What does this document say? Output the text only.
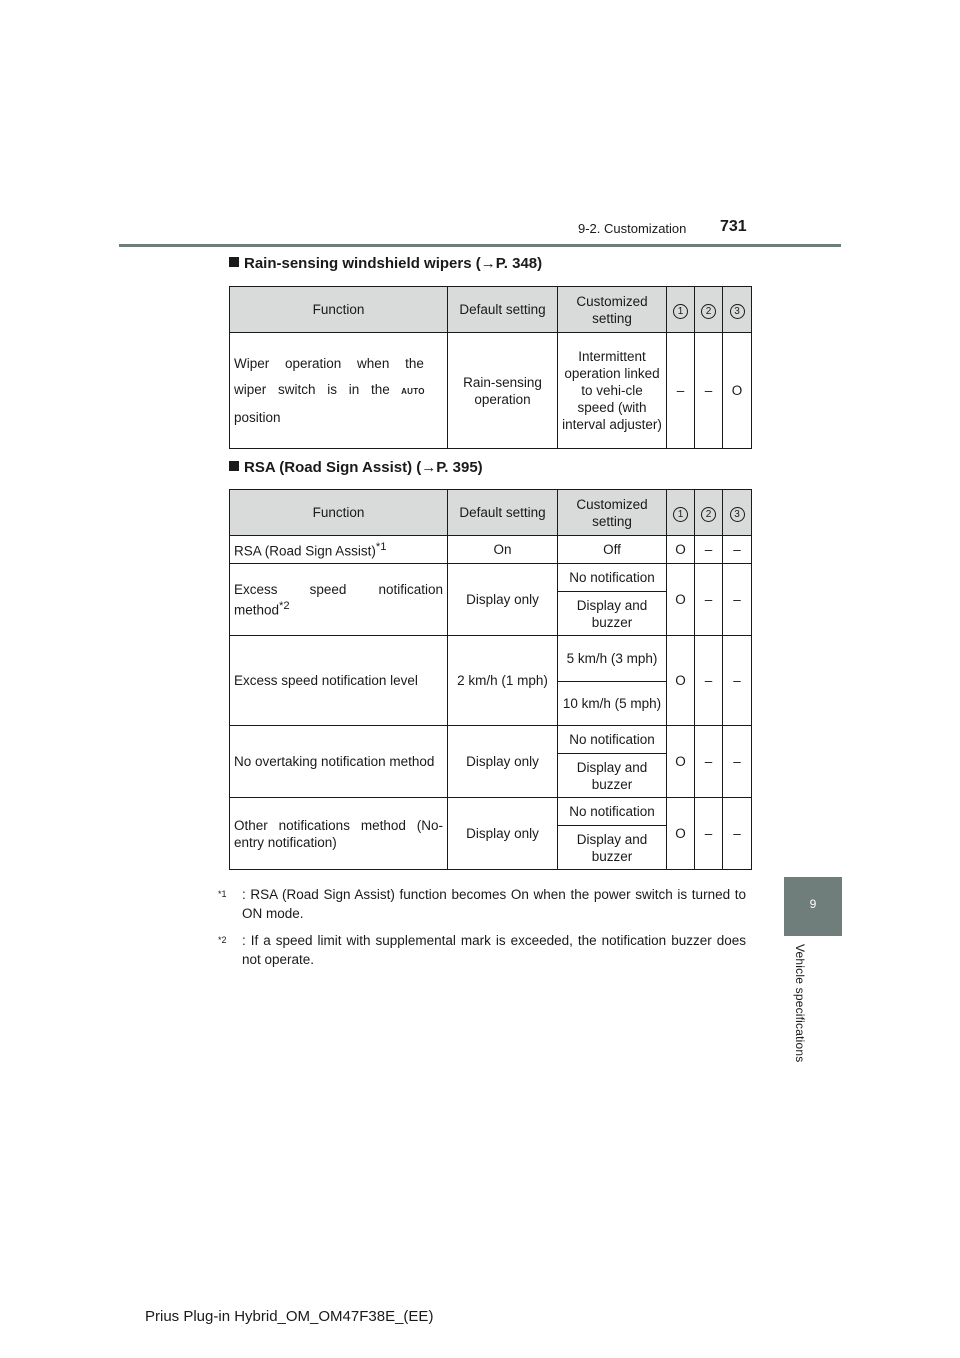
9-2. Customization 731
9
Vehicle specifications
Rain-sensing windshield wipers (→P. 348)
Function	Default setting	Customized setting	1	2	3

Wiper operation when the
wiper switch is in the AUTO
position	Rain-sensing operation	Intermittent operation linked to vehi-cle speed (with interval adjuster)	–	–	O
RSA (Road Sign Assist) (→P. 395)
Function	Default setting	Customized setting	1	2	3
RSA (Road Sign Assist)$^{*1}$	On	Off	O	–	–
Excess speed notification method$^{*2}$	Display only	No notification	O	–	–
		Display and buzzer			
Excess speed notification level	2 km/h (1 mph)	5 km/h (3 mph)	O	–	–
		10 km/h (5 mph)			
No overtaking notification method	Display only	No notification	O	–	–
		Display and buzzer			
Other notifications method (No-entry notification)	Display only	No notification	O	–	–
		Display and buzzer			
$^{*1}$ : RSA (Road Sign Assist) function becomes On when the power switch is turned to ON mode.
$^{*2}$ : If a speed limit with supplemental mark is exceeded, the notification buzzer does not operate.
Prius Plug-in Hybrid_OM_OM47F38E_(EE)
